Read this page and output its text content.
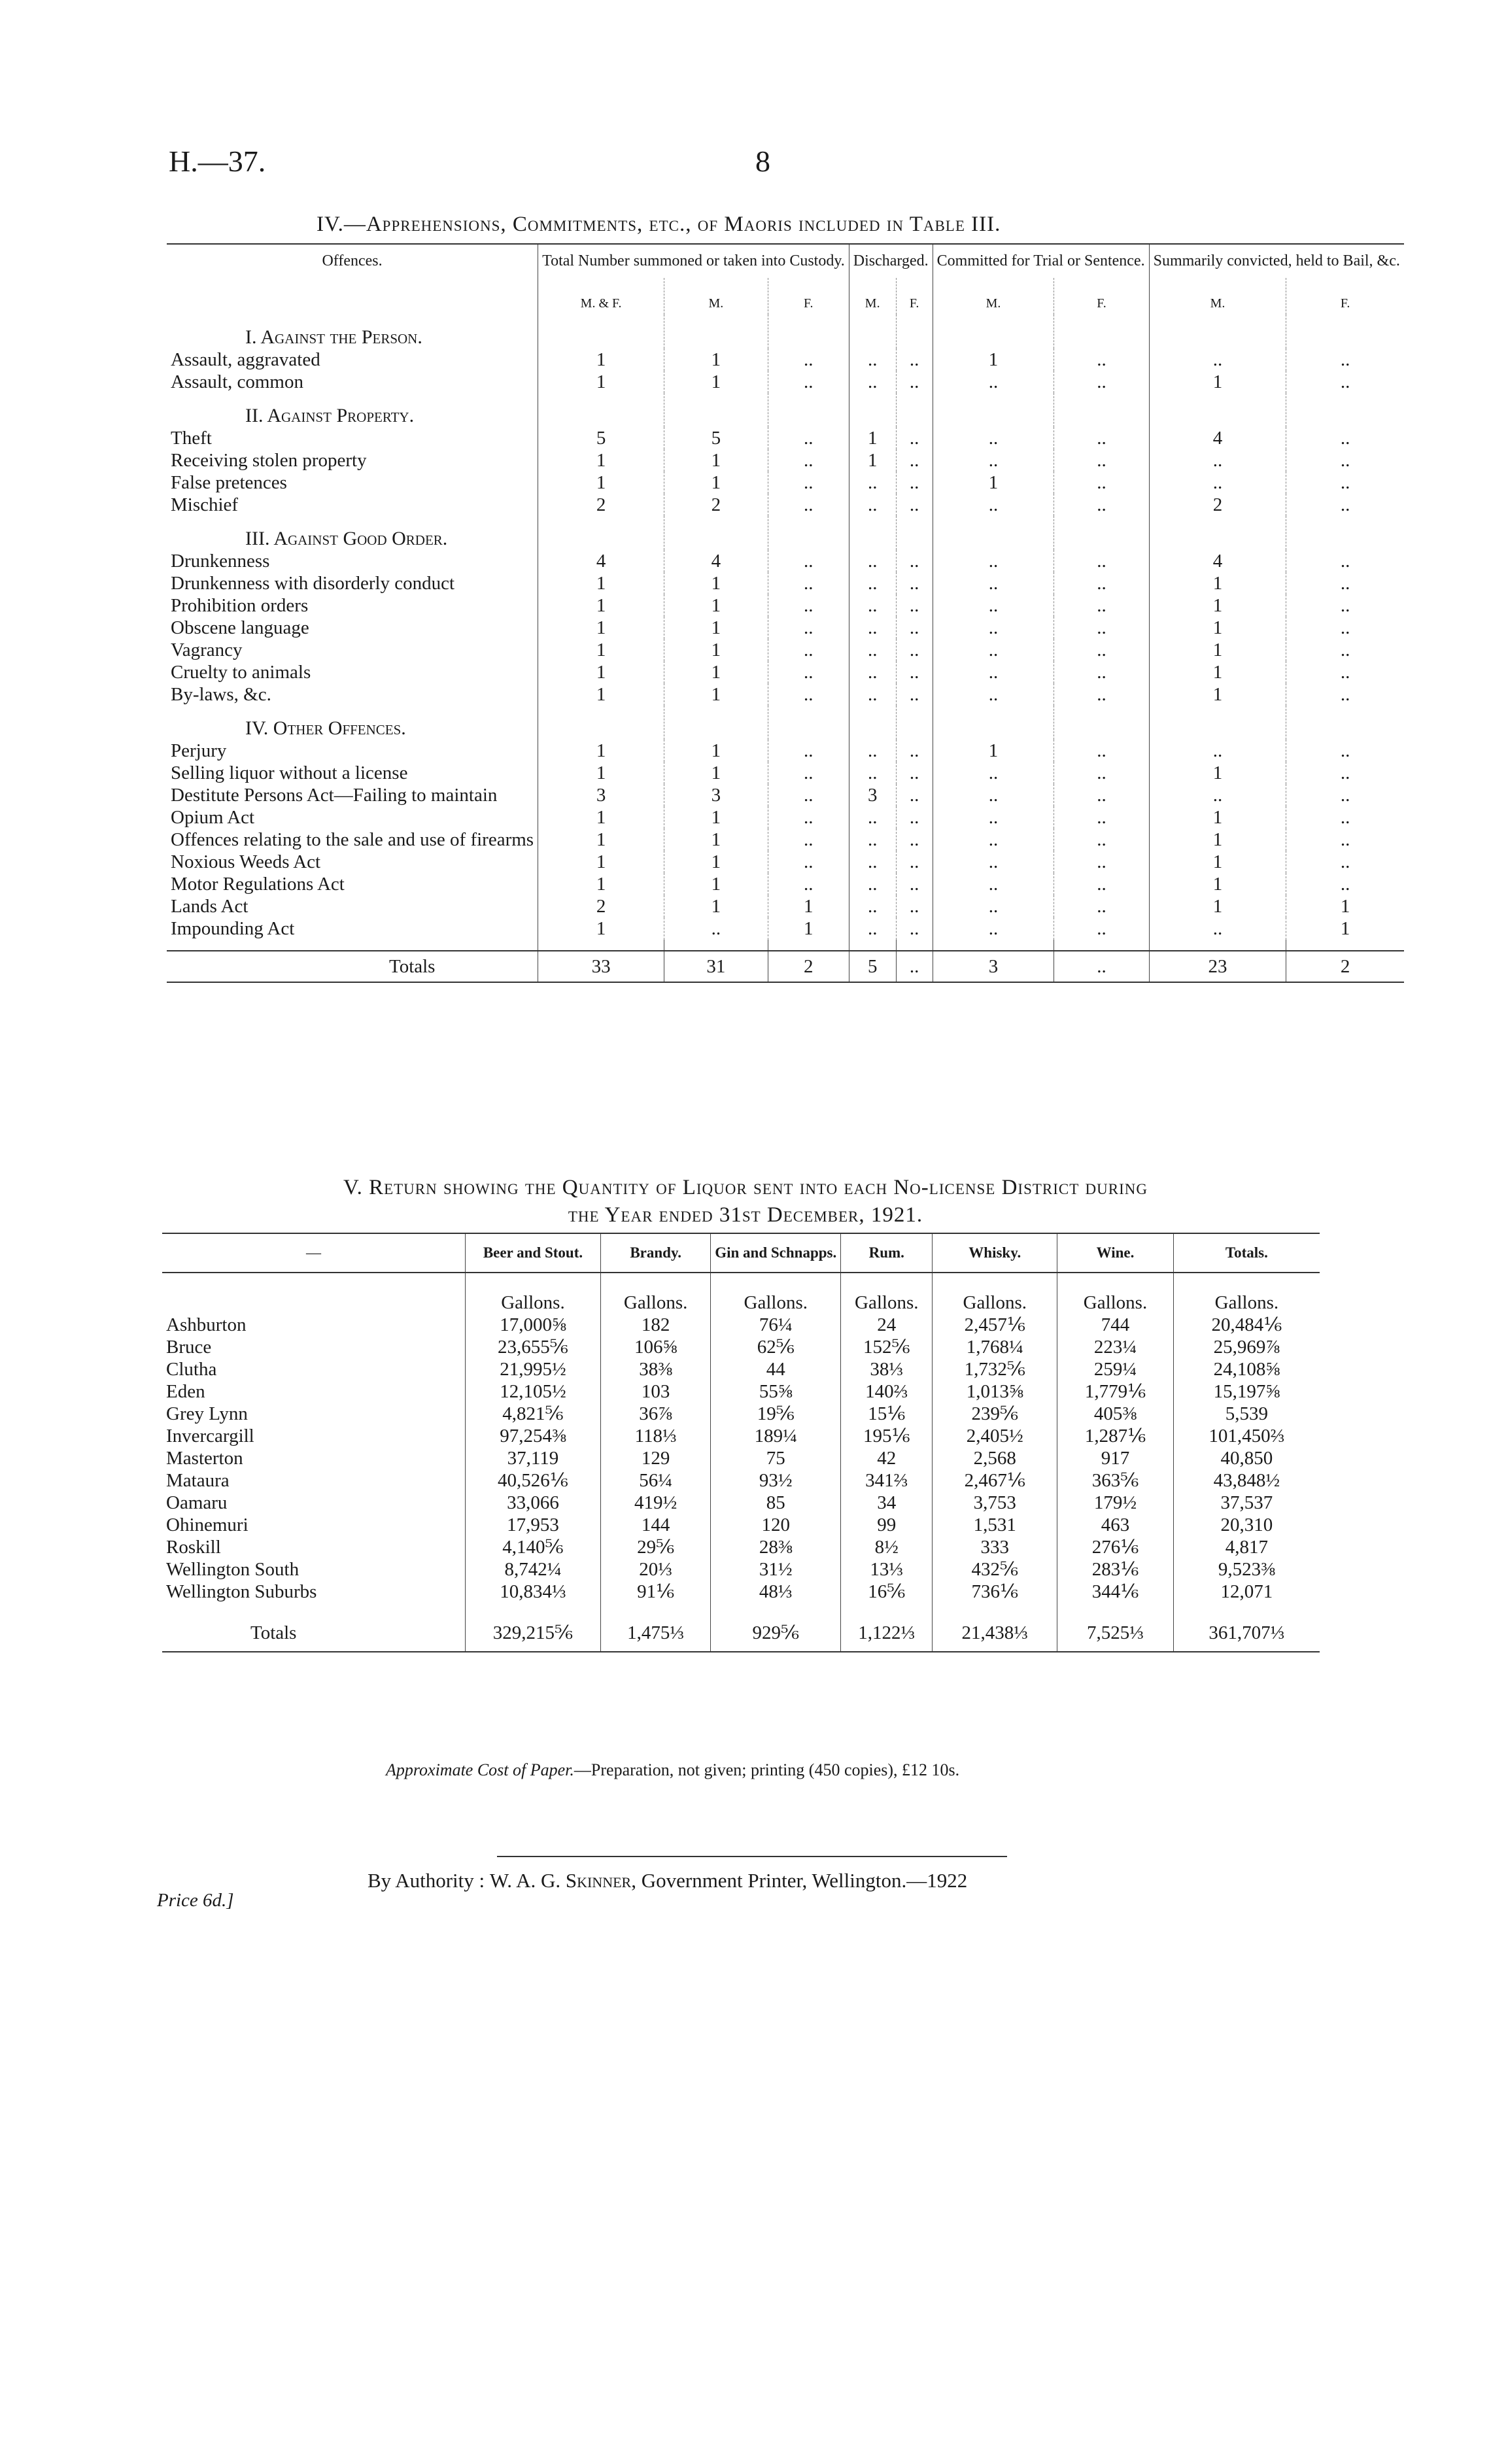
H.—37.	8
IV.—Apprehensions, Commitments, etc., of Maoris included in Table III.
Offences.	Total Number summoned or taken into Custody.			Discharged.		Committed for Trial or Sentence.		Summarily convicted, held to Bail, &c.	
	M. & F.	M.	F.	M.	F.	M.	F.	M.	F.
I. Against the Person.									
Assault, aggravated	1	1	..	..	..	1	..	..	..
Assault, common	1	1	..	..	..	..	..	1	..
II. Against Property.									
Theft	5	5	..	1	..	..	..	4	..
Receiving stolen property	1	1	..	1	..	..	..	..	..
False pretences	1	1	..	..	..	1	..	..	..
Mischief	2	2	..	..	..	..	..	2	..
III. Against Good Order.									
Drunkenness	4	4	..	..	..	..	..	4	..
Drunkenness with disorderly conduct	1	1	..	..	..	..	..	1	..
Prohibition orders	1	1	..	..	..	..	..	1	..
Obscene language	1	1	..	..	..	..	..	1	..
Vagrancy	1	1	..	..	..	..	..	1	..
Cruelty to animals	1	1	..	..	..	..	..	1	..
By-laws, &c.	1	1	..	..	..	..	..	1	..
IV. Other Offences.									
Perjury	1	1	..	..	..	1	..	..	..
Selling liquor without a license	1	1	..	..	..	..	..	1	..
Destitute Persons Act—Failing to maintain	3	3	..	3	..	..	..	..	..
Opium Act	1	1	..	..	..	..	..	1	..
Offences relating to the sale and use of firearms	1	1	..	..	..	..	..	1	..
Noxious Weeds Act	1	1	..	..	..	..	..	1	..
Motor Regulations Act	1	1	..	..	..	..	..	1	..
Lands Act	2	1	1	..	..	..	..	1	1
Impounding Act	1	..	1	..	..	..	..	..	1

Totals	33	31	2	5	..	3	..	23	2
V. Return showing the Quantity of Liquor sent into each No-license District during
the Year ended 31st December, 1921.
—	Beer and Stout.	Brandy.	Gin and Schnapps.	Rum.	Whisky.	Wine.	Totals.
	Gallons.	Gallons.	Gallons.	Gallons.	Gallons.	Gallons.	Gallons.
Ashburton	17,000⅝	182	76¼	24	2,457⅙	744	20,484⅙
Bruce	23,655⅚	106⅝	62⅚	152⅚	1,768¼	223¼	25,969⅞
Clutha	21,995½	38⅜	44	38⅓	1,732⅚	259¼	24,108⅝
Eden	12,105½	103	55⅝	140⅔	1,013⅝	1,779⅙	15,197⅝
Grey Lynn	4,821⅚	36⅞	19⅚	15⅙	239⅚	405⅜	5,539
Invercargill	97,254⅜	118⅓	189¼	195⅙	2,405½	1,287⅙	101,450⅔
Masterton	37,119	129	75	42	2,568	917	40,850
Mataura	40,526⅙	56¼	93½	341⅔	2,467⅙	363⅚	43,848½
Oamaru	33,066	419½	85	34	3,753	179½	37,537
Ohinemuri	17,953	144	120	99	1,531	463	20,310
Roskill	4,140⅚	29⅚	28⅜	8½	333	276⅙	4,817
Wellington South	8,742¼	20⅓	31½	13⅓	432⅚	283⅙	9,523⅜
Wellington Suburbs	10,834⅓	91⅙	48⅓	16⅚	736⅙	344⅙	12,071

Totals	329,215⅚	1,475⅓	929⅚	1,122⅓	21,438⅓	7,525⅓	361,707⅓
Approximate Cost of Paper.—Preparation, not given; printing (450 copies), £12 10s.
By Authority : W. A. G. Skinner, Government Printer, Wellington.—1922
Price 6d.]
